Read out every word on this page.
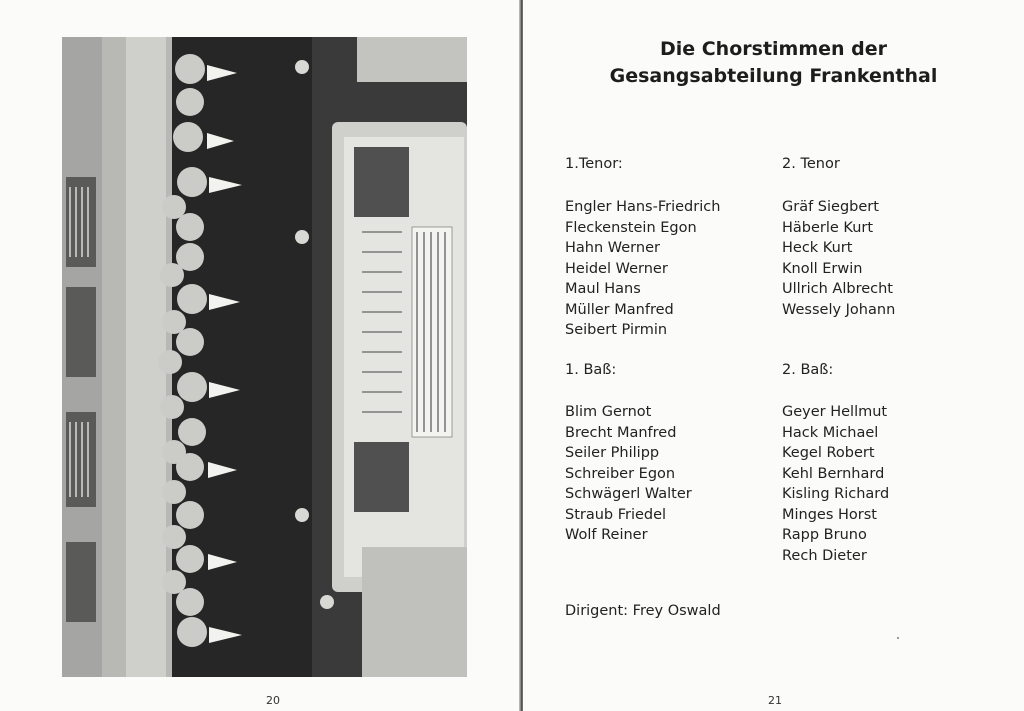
20
Die Chorstimmen der
Gesangsabteilung Frankenthal
1.Tenor:	2. Tenor
Engler Hans-Friedrich
Fleckenstein Egon
Hahn Werner
Heidel Werner
Maul Hans
Müller Manfred
Seibert Pirmin
Gräf Siegbert
Häberle Kurt
Heck Kurt
Knoll Erwin
Ullrich Albrecht
Wessely Johann
1. Baß:	2. Baß:
Blim Gernot
Brecht Manfred
Seiler Philipp
Schreiber Egon
Schwägerl Walter
Straub Friedel
Wolf Reiner
Geyer Hellmut
Hack Michael
Kegel Robert
Kehl Bernhard
Kisling Richard
Minges Horst
Rapp Bruno
Rech Dieter
Dirigent: Frey Oswald
21
